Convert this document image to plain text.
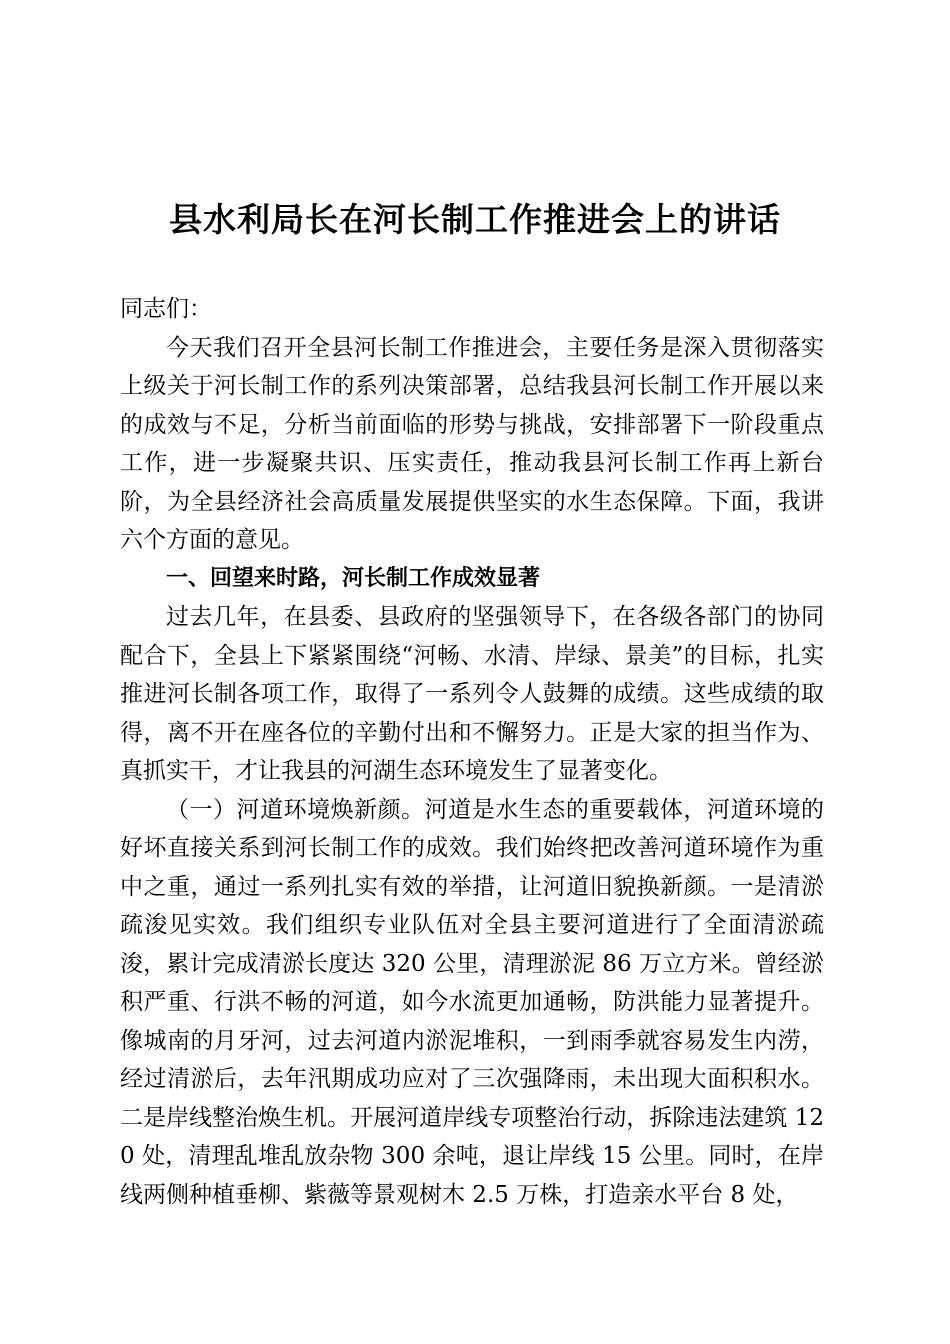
县水利局长在河长制工作推进会上的讲话

同志们：

今天我们召开全县河长制工作推进会，主要任务是深入贯彻落实上级关于河长制工作的系列决策部署，总结我县河长制工作开展以来的成效与不足，分析当前面临的形势与挑战，安排部署下一阶段重点工作，进一步凝聚共识、压实责任，推动我县河长制工作再上新台阶，为全县经济社会高质量发展提供坚实的水生态保障。下面，我讲六个方面的意见。

一、回望来时路，河长制工作成效显著

过去几年，在县委、县政府的坚强领导下，在各级各部门的协同配合下，全县上下紧紧围绕“河畅、水清、岸绿、景美”的目标，扎实推进河长制各项工作，取得了一系列令人鼓舞的成绩。这些成绩的取得，离不开在座各位的辛勤付出和不懈努力。正是大家的担当作为、真抓实干，才让我县的河湖生态环境发生了显著变化。

（一）河道环境焕新颜。河道是水生态的重要载体，河道环境的好坏直接关系到河长制工作的成效。我们始终把改善河道环境作为重中之重，通过一系列扎实有效的举措，让河道旧貌换新颜。一是清淤疏浚见实效。我们组织专业队伍对全县主要河道进行了全面清淤疏浚，累计完成清淤长度达 320 公里，清理淤泥 86 万立方米。曾经淤积严重、行洪不畅的河道，如今水流更加通畅，防洪能力显著提升。像城南的月牙河，过去河道内淤泥堆积，一到雨季就容易发生内涝，经过清淤后，去年汛期成功应对了三次强降雨，未出现大面积积水。二是岸线整治焕生机。开展河道岸线专项整治行动，拆除违法建筑 120 处，清理乱堆乱放杂物 300 余吨，退让岸线 15 公里。同时，在岸线两侧种植垂柳、紫薇等景观树木 2.5 万株，打造亲水平台 8 处，
